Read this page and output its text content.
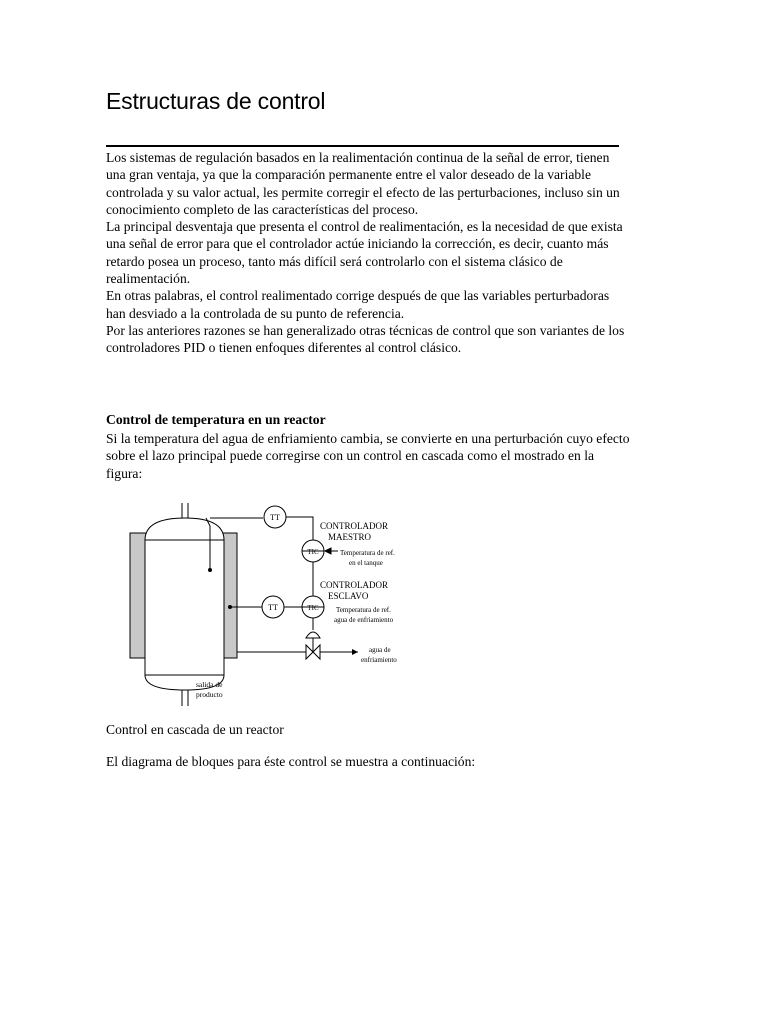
Estructuras de control

Los sistemas de regulación basados en la realimentación continua de la señal de error, tienen una gran ventaja, ya que la comparación permanente entre el valor deseado de la variable controlada y su valor actual, les permite corregir el efecto de las perturbaciones, incluso sin un conocimiento completo de las características del proceso.

La principal desventaja que presenta el control de realimentación, es la necesidad de que exista una señal de error para que el controlador actúe iniciando la corrección, es decir, cuanto más retardo posea un proceso, tanto más difícil será controlarlo con el sistema clásico de realimentación.

En otras palabras, el control realimentado corrige después de que las variables perturbadoras han desviado a la controlada de su punto de referencia.

Por las anteriores razones se han generalizado otras técnicas de control que son variantes de los controladores PID o tienen enfoques diferentes al control clásico.

Control de temperatura en un reactor

Si la temperatura del agua de enfriamiento cambia, se convierte en una perturbación cuyo efecto sobre el lazo principal puede corregirse con un control en cascada como el mostrado en la figura:

TT
TIC
TIC
TT
CONTROLADOR
MAESTRO
Temperatura de ref.
en el tanque
CONTROLADOR
ESCLAVO
Temperatura de ref.
agua de enfriamiento
agua de
enfriamiento
salida de
producto

Control en cascada de un reactor

El diagrama de bloques para éste control se muestra a continuación:
